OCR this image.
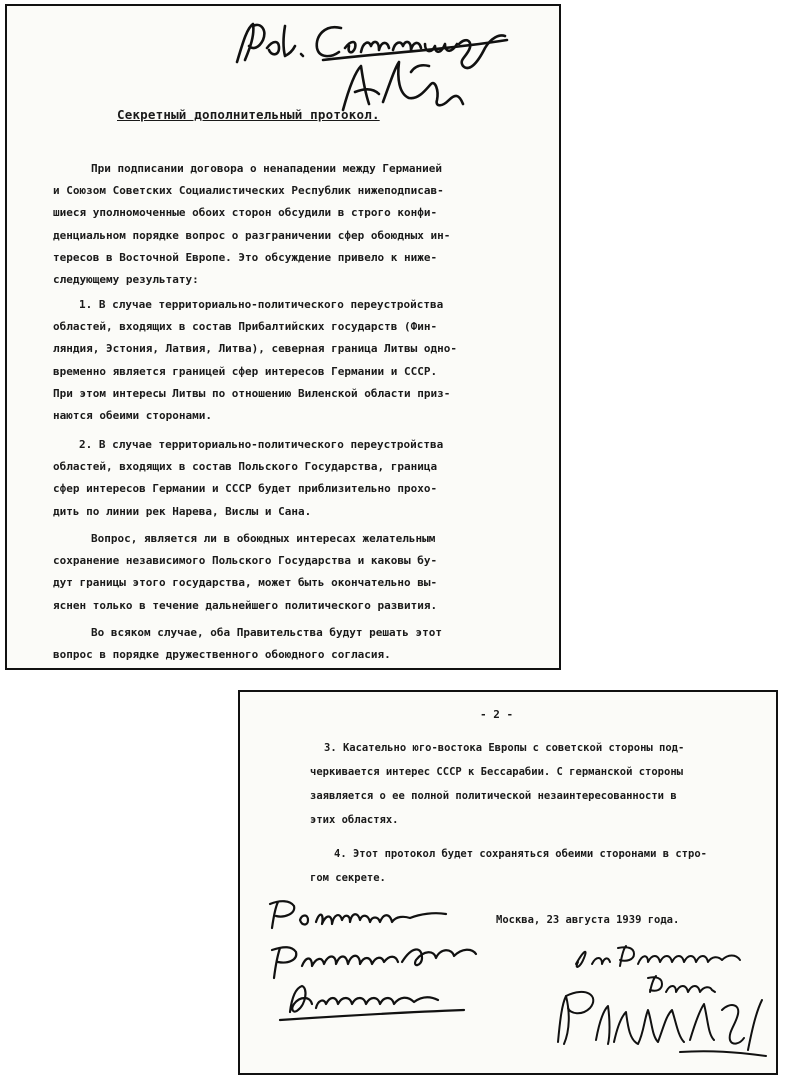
Секретный дополнительный протокол.
При подписании договора о ненападении между Германией
и Союзом Советских Социалистических Республик нижеподписав-
шиеся уполномоченные обоих сторон обсудили в строго конфи-
денциальном порядке вопрос о разграничении сфер обоюдных ин-
тересов в Восточной Европе. Это обсуждение привело к ниже-
следующему результату:
1. В случае территориально-политического переустройства
областей, входящих в состав Прибалтийских государств (Фин-
ляндия, Эстония, Латвия, Литва), северная граница Литвы одно-
временно является границей сфер интересов Германии и СССР.
При этом интересы Литвы по отношению Виленской области приз-
наются обеими сторонами.
2. В случае территориально-политического переустройства
областей, входящих в состав Польского Государства, граница
сфер интересов Германии и СССР будет приблизительно прохо-
дить по линии рек Нарева, Вислы и Сана.
Вопрос, является ли в обоюдных интересах желательным
сохранение независимого Польского Государства и каковы бу-
дут границы этого государства, может быть окончательно вы-
яснен только в течение дальнейшего политического развития.
Во всяком случае, оба Правительства будут решать этот
вопрос в порядке дружественного обоюдного согласия.
- 2 -
3. Касательно юго-востока Европы с советской стороны под-
черкивается интерес СССР к Бессарабии. С германской стороны
заявляется о ее полной политической незаинтересованности в
этих областях.
4. Этот протокол будет сохраняться обеими сторонами в стро-
гом секрете.
Москва, 23 августа 1939 года.
